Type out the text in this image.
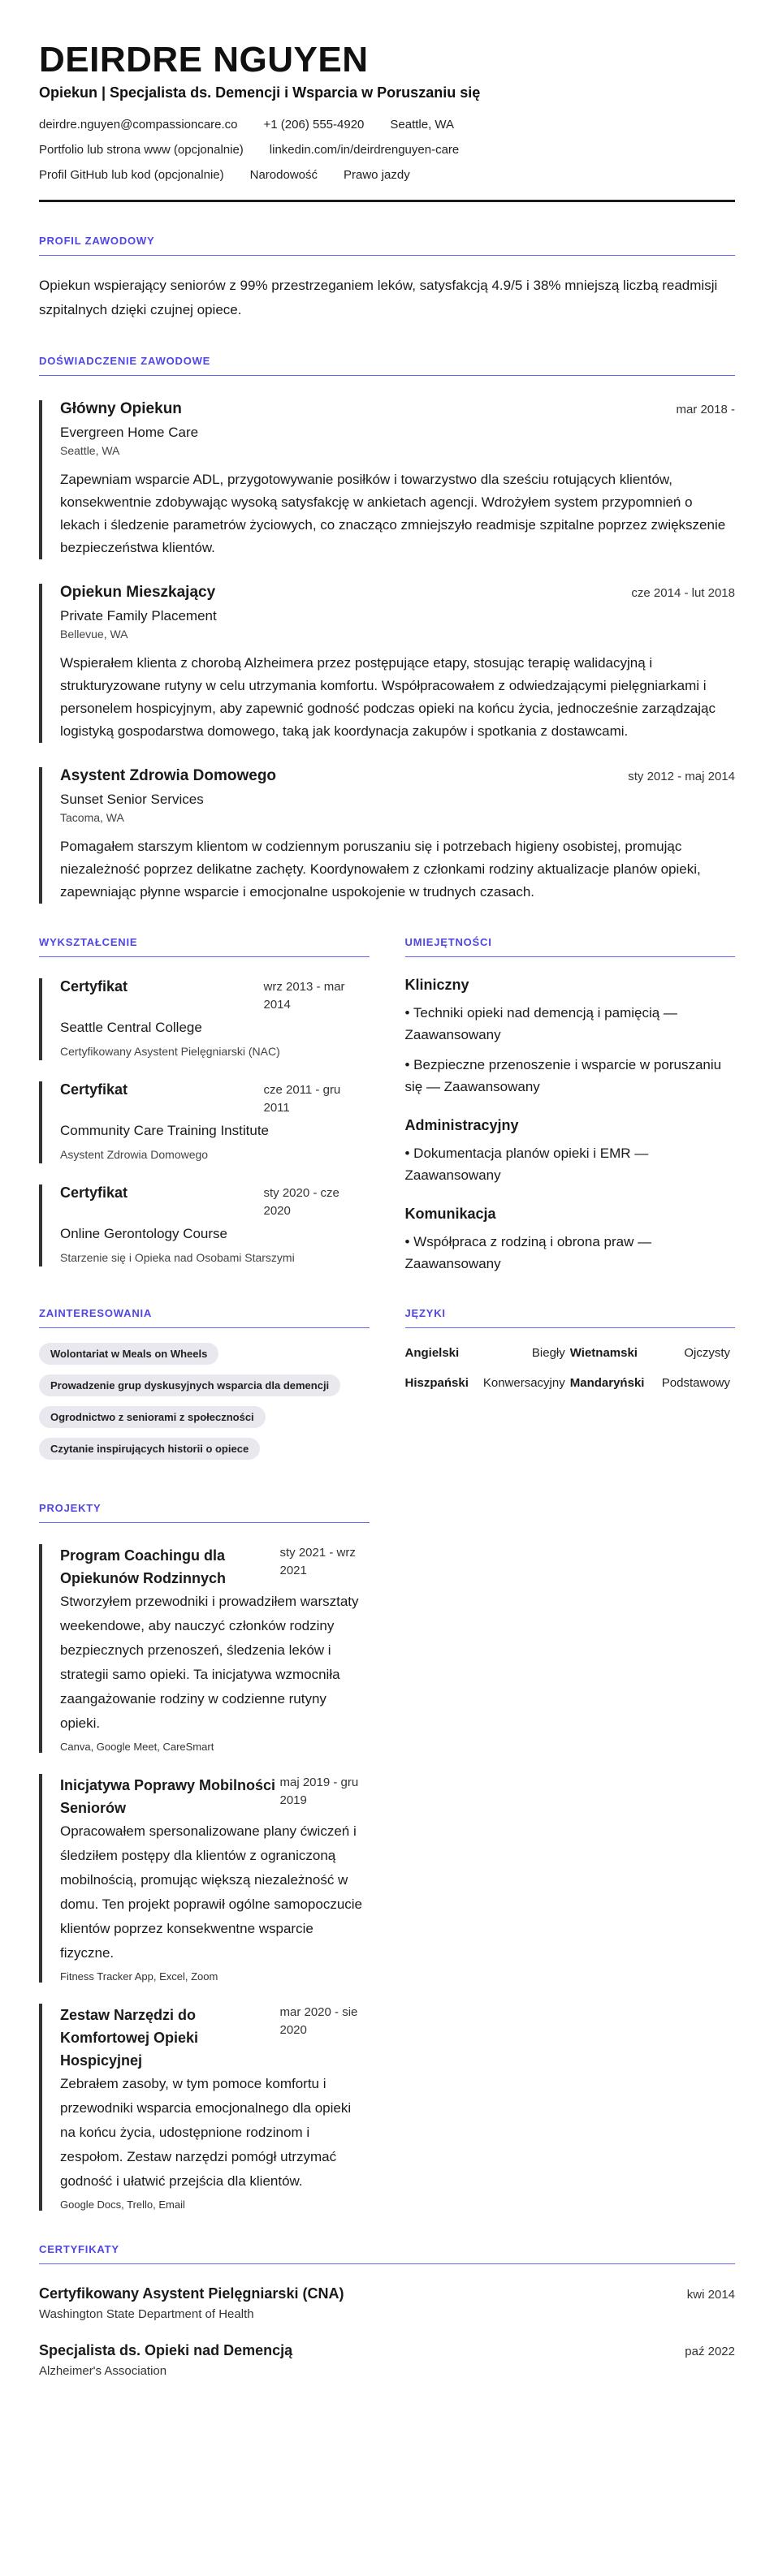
DEIRDRE NGUYEN
Opiekun | Specjalista ds. Demencji i Wsparcia w Poruszaniu się
deirdre.nguyen@compassioncare.co +1 (206) 555-4920 Seattle, WA
Portfolio lub strona www (opcjonalnie) linkedin.com/in/deirdrenguyen-care
Profil GitHub lub kod (opcjonalnie) Narodowość Prawo jazdy
PROFIL ZAWODOWY

Opiekun wspierający seniorów z 99% przestrzeganiem leków, satysfakcją 4.9/5 i 38% mniejszą liczbą readmisji szpitalnych dzięki czujnej opiece.

DOŚWIADCZENIE ZAWODOWE
Główny Opiekun	mar 2018 -
Evergreen Home Care
Seattle, WA

Zapewniam wsparcie ADL, przygotowywanie posiłków i towarzystwo dla sześciu rotujących klientów, konsekwentnie zdobywając wysoką satysfakcję w ankietach agencji. Wdrożyłem system przypomnień o lekach i śledzenie parametrów życiowych, co znacząco zmniejszyło readmisje szpitalne poprzez zwiększenie bezpieczeństwa klientów.

Opiekun Mieszkający	cze 2014 - lut 2018
Private Family Placement
Bellevue, WA

Wspierałem klienta z chorobą Alzheimera przez postępujące etapy, stosując terapię walidacyjną i strukturyzowane rutyny w celu utrzymania komfortu. Współpracowałem z odwiedzającymi pielęgniarkami i personelem hospicyjnym, aby zapewnić godność podczas opieki na końcu życia, jednocześnie zarządzając logistyką gospodarstwa domowego, taką jak koordynacja zakupów i spotkania z dostawcami.

Asystent Zdrowia Domowego	sty 2012 - maj 2014
Sunset Senior Services
Tacoma, WA

Pomagałem starszym klientom w codziennym poruszaniu się i potrzebach higieny osobistej, promując niezależność poprzez delikatne zachęty. Koordynowałem z członkami rodziny aktualizacje planów opieki, zapewniając płynne wsparcie i emocjonalne uspokojenie w trudnych czasach.

WYKSZTAŁCENIE
Certyfikat	wrz 2013 - mar 2014
Seattle Central College
Certyfikowany Asystent Pielęgniarski (NAC)
Certyfikat	cze 2011 - gru 2011
Community Care Training Institute
Asystent Zdrowia Domowego
Certyfikat	sty 2020 - cze 2020
Online Gerontology Course
Starzenie się i Opieka nad Osobami Starszymi
UMIEJĘTNOŚCI
Kliniczny
• Techniki opieki nad demencją i pamięcią — Zaawansowany
• Bezpieczne przenoszenie i wsparcie w poruszaniu się — Zaawansowany
Administracyjny
• Dokumentacja planów opieki i EMR — Zaawansowany
Komunikacja
• Współpraca z rodziną i obrona praw — Zaawansowany
ZAINTERESOWANIA
Wolontariat w Meals on Wheels
Prowadzenie grup dyskusyjnych wsparcia dla demencji
Ogrodnictwo z seniorami z społeczności
Czytanie inspirujących historii o opiece
JĘZYKI
Angielski	Biegły Wietnamski	Ojczysty
Hiszpański	Konwersacyjny Mandaryński	Podstawowy
PROJEKTY
Program Coachingu dla Opiekunów Rodzinnych
sty 2021 - wrz 2021

Stworzyłem przewodniki i prowadziłem warsztaty weekendowe, aby nauczyć członków rodziny bezpiecznych przenoszeń, śledzenia leków i strategii samo opieki. Ta inicjatywa wzmocniła zaangażowanie rodziny w codzienne rutyny opieki.

Canva, Google Meet, CareSmart
Inicjatywa Poprawy Mobilności Seniorów
maj 2019 - gru 2019

Opracowałem spersonalizowane plany ćwiczeń i śledziłem postępy dla klientów z ograniczoną mobilnością, promując większą niezależność w domu. Ten projekt poprawił ogólne samopoczucie klientów poprzez konsekwentne wsparcie fizyczne.

Fitness Tracker App, Excel, Zoom
Zestaw Narzędzi do Komfortowej Opieki Hospicyjnej
mar 2020 - sie 2020

Zebrałem zasoby, w tym pomoce komfortu i przewodniki wsparcia emocjonalnego dla opieki na końcu życia, udostępnione rodzinom i zespołom. Zestaw narzędzi pomógł utrzymać godność i ułatwić przejścia dla klientów.

Google Docs, Trello, Email
CERTYFIKATY
Certyfikowany Asystent Pielęgniarski (CNA)	kwi 2014
Washington State Department of Health
Specjalista ds. Opieki nad Demencją	paź 2022
Alzheimer's Association
